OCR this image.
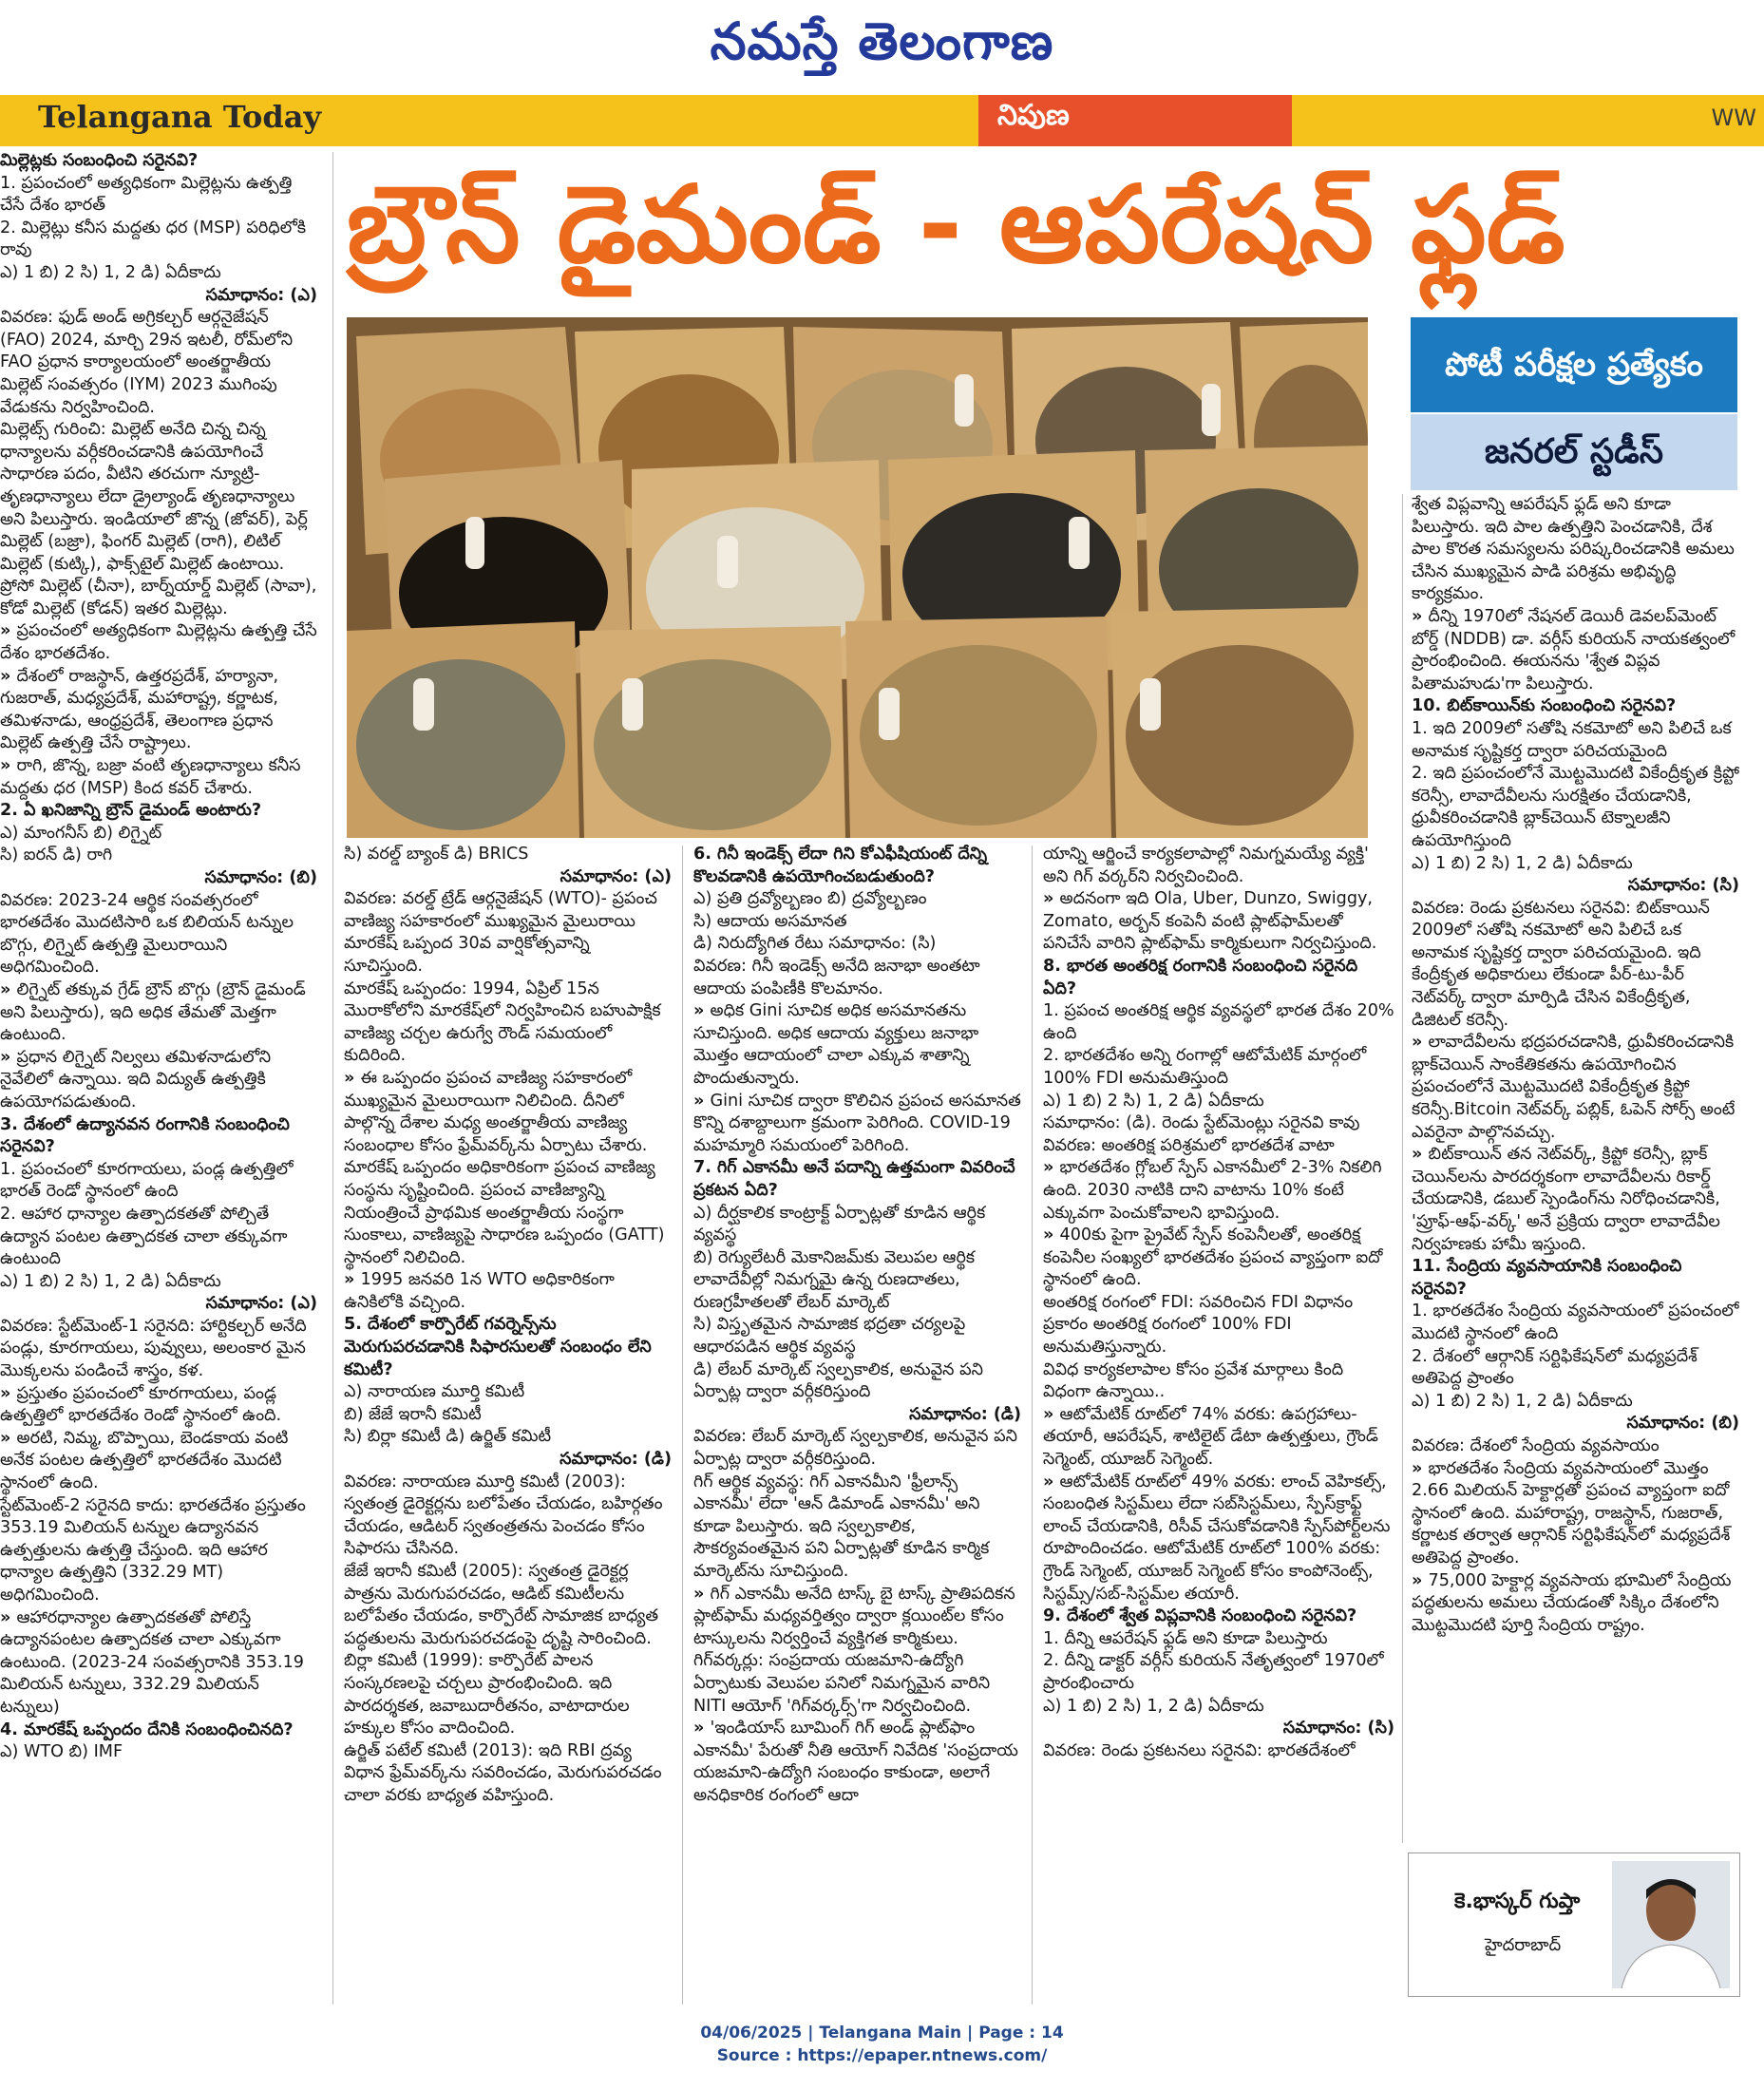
నమస్తే తెలంగాణ
Telangana Today	నిపుణ	WW
బ్రౌన్ డైమండ్ - ఆపరేషన్ ఫ్లడ్
పోటీ పరీక్షల ప్రత్యేకం
జనరల్ స్టడీస్

మిల్లెట్లకు సంబంధించి సరైనవి?

1. ప్రపంచంలో అత్యధికంగా మిల్లెట్లను ఉత్పత్తి చేసే దేశం భారత్

2. మిల్లెట్లు కనీస మద్దతు ధర (MSP) పరిధిలోకి రావు

ఎ) 1 బి) 2 సి) 1, 2 డి) ఏదీకాదు

సమాధానం: (ఎ)

వివరణ: ఫుడ్ అండ్ అగ్రికల్చర్ ఆర్గనైజేషన్ (FAO) 2024, మార్చి 29న ఇటలీ, రోమ్‌లోని FAO ప్రధాన కార్యాలయంలో అంతర్జాతీయ మిల్లెట్ సంవత్సరం (IYM) 2023 ముగింపు వేడుకను నిర్వహించింది.

మిల్లెట్స్ గురించి: మిల్లెట్ అనేది చిన్న చిన్న ధాన్యాలను వర్గీకరించడానికి ఉపయోగించే సాధారణ పదం, వీటిని తరచుగా న్యూట్రి-తృణధాన్యాలు లేదా డ్రైల్యాండ్ తృణధాన్యాలు అని పిలుస్తారు. ఇండియాలో జొన్న (జోవర్), పెర్ల్ మిల్లెట్ (బజ్రా), ఫింగర్ మిల్లెట్ (రాగి), లిటిల్ మిల్లెట్ (కుట్కి), ఫాక్స్‌టైల్ మిల్లెట్ ఉంటాయి. ప్రోసో మిల్లెట్ (చీనా), బార్న్‌యార్డ్ మిల్లెట్ (సావా), కోడో మిల్లెట్ (కోడన్) ఇతర మిల్లెట్లు.

» ప్రపంచంలో అత్యధికంగా మిల్లెట్లను ఉత్పత్తి చేసే దేశం భారతదేశం.

» దేశంలో రాజస్థాన్, ఉత్తరప్రదేశ్, హర్యానా, గుజరాత్, మధ్యప్రదేశ్, మహారాష్ట్ర, కర్ణాటక, తమిళనాడు, ఆంధ్రప్రదేశ్, తెలంగాణ ప్రధాన మిల్లెట్ ఉత్పత్తి చేసే రాష్ట్రాలు.

» రాగి, జొన్న, బజ్రా వంటి తృణధాన్యాలు కనీస మద్దతు ధర (MSP) కింద కవర్ చేశారు.

2. ఏ ఖనిజాన్ని బ్రౌన్ డైమండ్ అంటారు?

ఎ) మాంగనీస్ బి) లిగ్నైట్

సి) ఐరన్ డి) రాగి

సమాధానం: (బి)

వివరణ: 2023-24 ఆర్థిక సంవత్సరంలో భారతదేశం మొదటిసారి ఒక బిలియన్ టన్నుల బొగ్గు, లిగ్నైట్ ఉత్పత్తి మైలురాయిని అధిగమించింది.

» లిగ్నైట్ తక్కువ గ్రేడ్ బ్రౌన్ బొగ్గు (బ్రౌన్ డైమండ్ అని పిలుస్తారు), ఇది అధిక తేమతో మెత్తగా ఉంటుంది.

» ప్రధాన లిగ్నైట్ నిల్వలు తమిళనాడులోని నైవేలిలో ఉన్నాయి. ఇది విద్యుత్ ఉత్పత్తికి ఉపయోగపడుతుంది.

3. దేశంలో ఉద్యానవన రంగానికి సంబంధించి సరైనవి?

1. ప్రపంచంలో కూరగాయలు, పండ్ల ఉత్పత్తిలో భారత్ రెండో స్థానంలో ఉంది

2. ఆహార ధాన్యాల ఉత్పాదకతతో పోల్చితే ఉద్యాన పంటల ఉత్పాదకత చాలా తక్కువగా ఉంటుంది

ఎ) 1 బి) 2 సి) 1, 2 డి) ఏదీకాదు

సమాధానం: (ఎ)

వివరణ: స్టేట్‌మెంట్-1 సరైనది: హార్టికల్చర్ అనేది పండ్లు, కూరగాయలు, పువ్వులు, అలంకార మైన మొక్కలను పండించే శాస్త్రం, కళ.

» ప్రస్తుతం ప్రపంచంలో కూరగాయలు, పండ్ల ఉత్పత్తిలో భారతదేశం రెండో స్థానంలో ఉంది.

» అరటి, నిమ్మ, బొప్పాయి, బెండకాయ వంటి అనేక పంటల ఉత్పత్తిలో భారతదేశం మొదటి స్థానంలో ఉంది.

స్టేట్‌మెంట్-2 సరైనది కాదు: భారతదేశం ప్రస్తుతం 353.19 మిలియన్ టన్నుల ఉద్యానవన ఉత్పత్తులను ఉత్పత్తి చేస్తుంది. ఇది ఆహార ధాన్యాల ఉత్పత్తిని (332.29 MT) అధిగమించింది.

» ఆహారధాన్యాల ఉత్పాదకతతో పోలిస్తే ఉద్యానపంటల ఉత్పాదకత చాలా ఎక్కువగా ఉంటుంది. (2023-24 సంవత్సరానికి 353.19 మిలియన్ టన్నులు, 332.29 మిలియన్ టన్నులు)

4. మారకేష్ ఒప్పందం దేనికి సంబంధించినది?

ఎ) WTO బి) IMF

సి) వరల్డ్ బ్యాంక్ డి) BRICS

సమాధానం: (ఎ)

వివరణ: వరల్డ్ ట్రేడ్ ఆర్గనైజేషన్ (WTO)- ప్రపంచ వాణిజ్య సహకారంలో ముఖ్యమైన మైలురాయి మారకేష్ ఒప్పంద 30వ వార్షికోత్సవాన్ని సూచిస్తుంది.

మారకేష్ ఒప్పందం: 1994, ఏప్రిల్ 15న మొరాకోలోని మారకేష్‌లో నిర్వహించిన బహుపాక్షిక వాణిజ్య చర్చల ఉరుగ్వే రౌండ్ సమయంలో కుదిరింది.

» ఈ ఒప్పందం ప్రపంచ వాణిజ్య సహకారంలో ముఖ్యమైన మైలురాయిగా నిలిచింది. దీనిలో పాల్గొన్న దేశాల మధ్య అంతర్జాతీయ వాణిజ్య సంబంధాల కోసం ఫ్రేమ్‌వర్క్‌ను ఏర్పాటు చేశారు. మారకేష్ ఒప్పందం అధికారికంగా ప్రపంచ వాణిజ్య సంస్థను సృష్టించింది. ప్రపంచ వాణిజ్యాన్ని నియంత్రించే ప్రాథమిక అంతర్జాతీయ సంస్థగా సుంకాలు, వాణిజ్యపై సాధారణ ఒప్పందం (GATT) స్థానంలో నిలిచింది.

» 1995 జనవరి 1న WTO అధికారికంగా ఉనికిలోకి వచ్చింది.

5. దేశంలో కార్పొరేట్ గవర్నెన్స్‌ను మెరుగుపరచడానికి సిఫారసులతో సంబంధం లేని కమిటీ?

ఎ) నారాయణ మూర్తి కమిటీ

బి) జేజే ఇరానీ కమిటీ

సి) బిర్లా కమిటీ డి) ఉర్జిత్ కమిటీ

సమాధానం: (డి)

వివరణ: నారాయణ మూర్తి కమిటీ (2003): స్వతంత్ర డైరెక్టర్లను బలోపేతం చేయడం, బహిర్గతం చేయడం, ఆడిటర్ స్వతంత్రతను పెంచడం కోసం సిఫారసు చేసినది.

జేజే ఇరానీ కమిటీ (2005): స్వతంత్ర డైరెక్టర్ల పాత్రను మెరుగుపరచడం, ఆడిట్ కమిటీలను బలోపేతం చేయడం, కార్పొరేట్ సామాజిక బాధ్యత పద్ధతులను మెరుగుపరచడంపై దృష్టి సారించింది.

బిర్లా కమిటీ (1999): కార్పొరేట్ పాలన సంస్కరణలపై చర్చలు ప్రారంభించింది. ఇది పారదర్శకత, జవాబుదారీతనం, వాటాదారుల హక్కుల కోసం వాదించింది.

ఉర్జిత్ పటేల్ కమిటీ (2013): ఇది RBI ద్రవ్య విధాన ఫ్రేమ్‌వర్క్‌ను సవరించడం, మెరుగుపరచడం చాలా వరకు బాధ్యత వహిస్తుంది.

6. గినీ ఇండెక్స్ లేదా గిని కోఎఫీషియంట్ దేన్ని కొలవడానికి ఉపయోగించబడుతుంది?

ఎ) ప్రతి ద్రవ్యోల్బణం బి) ద్రవ్యోల్బణం

సి) ఆదాయ అసమానత

డి) నిరుద్యోగిత రేటు సమాధానం: (సి)

వివరణ: గినీ ఇండెక్స్ అనేది జనాభా అంతటా ఆదాయ పంపిణీకి కొలమానం.

» అధిక Gini సూచిక అధిక అసమానతను సూచిస్తుంది. అధిక ఆదాయ వ్యక్తులు జనాభా మొత్తం ఆదాయంలో చాలా ఎక్కువ శాతాన్ని పొందుతున్నారు.

» Gini సూచిక ద్వారా కొలిచిన ప్రపంచ అసమానత కొన్ని దశాబ్దాలుగా క్రమంగా పెరిగింది. COVID-19 మహమ్మారి సమయంలో పెరిగింది.

7. గిగ్ ఎకానమీ అనే పదాన్ని ఉత్తమంగా వివరించే ప్రకటన ఏది?

ఎ) దీర్ఘకాలిక కాంట్రాక్ట్ ఏర్పాట్లతో కూడిన ఆర్థిక వ్యవస్థ

బి) రెగ్యులేటరీ మెకానిజమ్‌కు వెలుపల ఆర్థిక లావాదేవీల్లో నిమగ్నమై ఉన్న రుణదాతలు, రుణగ్రహీతలతో లేబర్ మార్కెట్

సి) విస్తృతమైన సామాజిక భద్రతా చర్యలపై ఆధారపడిన ఆర్థిక వ్యవస్థ

డి) లేబర్ మార్కెట్ స్వల్పకాలిక, అనువైన పని ఏర్పాట్ల ద్వారా వర్గీకరిస్తుంది

సమాధానం: (డి)

వివరణ: లేబర్ మార్కెట్ స్వల్పకాలిక, అనువైన పని ఏర్పాట్ల ద్వారా వర్గీకరిస్తుంది.

గిగ్ ఆర్థిక వ్యవస్థ: గిగ్ ఎకానమీని 'ఫ్రీలాన్స్ ఎకానమీ' లేదా 'ఆన్ డిమాండ్ ఎకానమీ' అని కూడా పిలుస్తారు. ఇది స్వల్పకాలిక, సౌకర్యవంతమైన పని ఏర్పాట్లతో కూడిన కార్మిక మార్కెట్‌ను సూచిస్తుంది.

» గిగ్ ఎకానమీ అనేది టాస్క్ బై టాస్క్ ప్రాతిపదికన ప్లాట్‌ఫామ్ మధ్యవర్తిత్వం ద్వారా క్లయింట్‌ల కోసం టాస్కులను నిర్వర్తించే వ్యక్తిగత కార్మికులు.

గిగ్‌వర్కర్లు: సంప్రదాయ యజమాని-ఉద్యోగి ఏర్పాటుకు వెలుపల పనిలో నిమగ్నమైన వారిని NITI ఆయోగ్ 'గిగ్‌వర్కర్స్'గా నిర్వచించింది.

» 'ఇండియాస్ బూమింగ్ గిగ్ అండ్ ప్లాట్‌ఫాం ఎకానమీ' పేరుతో నీతి ఆయోగ్ నివేదిక 'సంప్రదాయ యజమాని-ఉద్యోగి సంబంధం కాకుండా, అలాగే అనధికారిక రంగంలో ఆదా

యాన్ని ఆర్జించే కార్యకలాపాల్లో నిమగ్నమయ్యే వ్యక్తి' అని గిగ్ వర్కర్‌ని నిర్వచించింది.

» అదనంగా ఇది Ola, Uber, Dunzo, Swiggy, Zomato, అర్బన్ కంపెనీ వంటి ప్లాట్‌ఫామ్‌లతో పనిచేసే వారిని ప్లాట్‌ఫామ్ కార్మికులుగా నిర్వచిస్తుంది.

8. భారత అంతరిక్ష రంగానికి సంబంధించి సరైనది ఏది?

1. ప్రపంచ అంతరిక్ష ఆర్థిక వ్యవస్థలో భారత దేశం 20% ఉంది

2. భారతదేశం అన్ని రంగాల్లో ఆటోమేటిక్ మార్గంలో 100% FDI అనుమతిస్తుంది

ఎ) 1 బి) 2 సి) 1, 2 డి) ఏదీకాదు

సమాధానం: (డి). రెండు స్టేట్‌మెంట్లు సరైనవి కావు

వివరణ: అంతరిక్ష పరిశ్రమలో భారతదేశ వాటా

» భారతదేశం గ్లోబల్ స్పేస్ ఎకానమీలో 2-3% నికలిగి ఉంది. 2030 నాటికి దాని వాటాను 10% కంటే ఎక్కువగా పెంచుకోవాలని భావిస్తుంది.

» 400కు పైగా ప్రైవేట్ స్పేస్ కంపెనీలతో, అంతరిక్ష కంపెనీల సంఖ్యలో భారతదేశం ప్రపంచ వ్యాప్తంగా ఐదో స్థానంలో ఉంది.

అంతరిక్ష రంగంలో FDI: సవరించిన FDI విధానం ప్రకారం అంతరిక్ష రంగంలో 100% FDI అనుమతిస్తున్నారు.

వివిధ కార్యకలాపాల కోసం ప్రవేశ మార్గాలు కింది విధంగా ఉన్నాయి..

» ఆటోమేటిక్ రూట్‌లో 74% వరకు: ఉపగ్రహాలు-తయారీ, ఆపరేషన్, శాటిలైట్ డేటా ఉత్పత్తులు, గ్రౌండ్ సెగ్మెంట్, యూజర్ సెగ్మెంట్.

» ఆటోమేటిక్ రూట్‌లో 49% వరకు: లాంచ్ వెహికల్స్, సంబంధిత సిస్టమ్‌లు లేదా సబ్‌సిస్టమ్‌లు, స్పేస్‌క్రాఫ్ట్ లాంచ్ చేయడానికి, రిసీవ్ చేసుకోవడానికి స్పేస్‌పోర్ట్‌లను రూపొందించడం. ఆటోమేటిక్ రూట్‌లో 100% వరకు: గ్రౌండ్ సెగ్మెంట్, యూజర్ సెగ్మెంట్ కోసం కాంపోనెంట్స్, సిస్టమ్స్/సబ్-సిస్టమ్‌ల తయారీ.

9. దేశంలో శ్వేత విప్లవానికి సంబంధించి సరైనవి?

1. దీన్ని ఆపరేషన్ ఫ్లడ్ అని కూడా పిలుస్తారు

2. దీన్ని డాక్టర్ వర్గీస్ కురియన్ నేతృత్వంలో 1970లో ప్రారంభించారు

ఎ) 1 బి) 2 సి) 1, 2 డి) ఏదీకాదు

సమాధానం: (సి)

వివరణ: రెండు ప్రకటనలు సరైనవి: భారతదేశంలో

శ్వేత విప్లవాన్ని ఆపరేషన్ ఫ్లడ్ అని కూడా పిలుస్తారు. ఇది పాల ఉత్పత్తిని పెంచడానికి, దేశ పాల కొరత సమస్యలను పరిష్కరించడానికి అమలు చేసిన ముఖ్యమైన పాడి పరిశ్రమ అభివృద్ధి కార్యక్రమం.

» దీన్ని 1970లో నేషనల్ డెయిరీ డెవలప్‌మెంట్ బోర్డ్ (NDDB) డా. వర్గీస్ కురియన్ నాయకత్వంలో ప్రారంభించింది. ఈయనను 'శ్వేత విప్లవ పితామహుడు'గా పిలుస్తారు.

10. బిట్‌కాయిన్‌కు సంబంధించి సరైనవి?

1. ఇది 2009లో సతోషి నకమోటో అని పిలిచే ఒక అనామక సృష్టికర్త ద్వారా పరిచయమైంది

2. ఇది ప్రపంచంలోనే మొట్టమొదటి వికేంద్రీకృత క్రిప్టో కరెన్సీ, లావాదేవీలను సురక్షితం చేయడానికి, ధ్రువీకరించడానికి బ్లాక్‌చెయిన్ టెక్నాలజీని ఉపయోగిస్తుంది

ఎ) 1 బి) 2 సి) 1, 2 డి) ఏదీకాదు

సమాధానం: (సి)

వివరణ: రెండు ప్రకటనలు సరైనవి: బిట్‌కాయిన్ 2009లో సతోషి నకమోటో అని పిలిచే ఒక అనామక సృష్టికర్త ద్వారా పరిచయమైంది. ఇది కేంద్రీకృత అధికారులు లేకుండా పీర్-టు-పీర్ నెట్‌వర్క్ ద్వారా మార్పిడి చేసిన వికేంద్రీకృత, డిజిటల్ కరెన్సీ.

» లావాదేవీలను భద్రపరచడానికి, ధ్రువీకరించడానికి బ్లాక్‌చెయిన్ సాంకేతికతను ఉపయోగించిన ప్రపంచంలోనే మొట్టమొదటి వికేంద్రీకృత క్రిప్టో కరెన్సీ.Bitcoin నెట్‌వర్క్ పబ్లిక్, ఓపెన్ సోర్స్ అంటే ఎవరైనా పాల్గొనవచ్చు.

» బిట్‌కాయిన్ తన నెట్‌వర్క్, క్రిప్టో కరెన్సీ, బ్లాక్ చెయిన్‌లను పారదర్శకంగా లావాదేవీలను రికార్డ్ చేయడానికి, డబుల్ స్పెండింగ్‌ను నిరోధించడానికి, 'ప్రూఫ్-ఆఫ్-వర్క్' అనే ప్రక్రియ ద్వారా లావాదేవీల నిర్వహణకు హామీ ఇస్తుంది.

11. సేంద్రియ వ్యవసాయానికి సంబంధించి సరైనవి?

1. భారతదేశం సేంద్రియ వ్యవసాయంలో ప్రపంచంలో మొదటి స్థానంలో ఉంది

2. దేశంలో ఆర్గానిక్ సర్టిఫికేషన్‌లో మధ్యప్రదేశ్ అతిపెద్ద ప్రాంతం

ఎ) 1 బి) 2 సి) 1, 2 డి) ఏదీకాదు

సమాధానం: (బి)

వివరణ: దేశంలో సేంద్రియ వ్యవసాయం

» భారతదేశం సేంద్రియ వ్యవసాయంలో మొత్తం 2.66 మిలియన్ హెక్టార్లతో ప్రపంచ వ్యాప్తంగా ఐదో స్థానంలో ఉంది. మహారాష్ట్ర, రాజస్థాన్, గుజరాత్, కర్ణాటక తర్వాత ఆర్గానిక్ సర్టిఫికేషన్‌లో మధ్యప్రదేశ్ అతిపెద్ద ప్రాంతం.

» 75,000 హెక్టార్ల వ్యవసాయ భూమిలో సేంద్రియ పద్ధతులను అమలు చేయడంతో సిక్కిం దేశంలోని మొట్టమొదటి పూర్తి సేంద్రియ రాష్ట్రం.

కె.భాస్కర్ గుప్తా
హైదరాబాద్
04/06/2025 | Telangana Main | Page : 14
Source : https://epaper.ntnews.com/
